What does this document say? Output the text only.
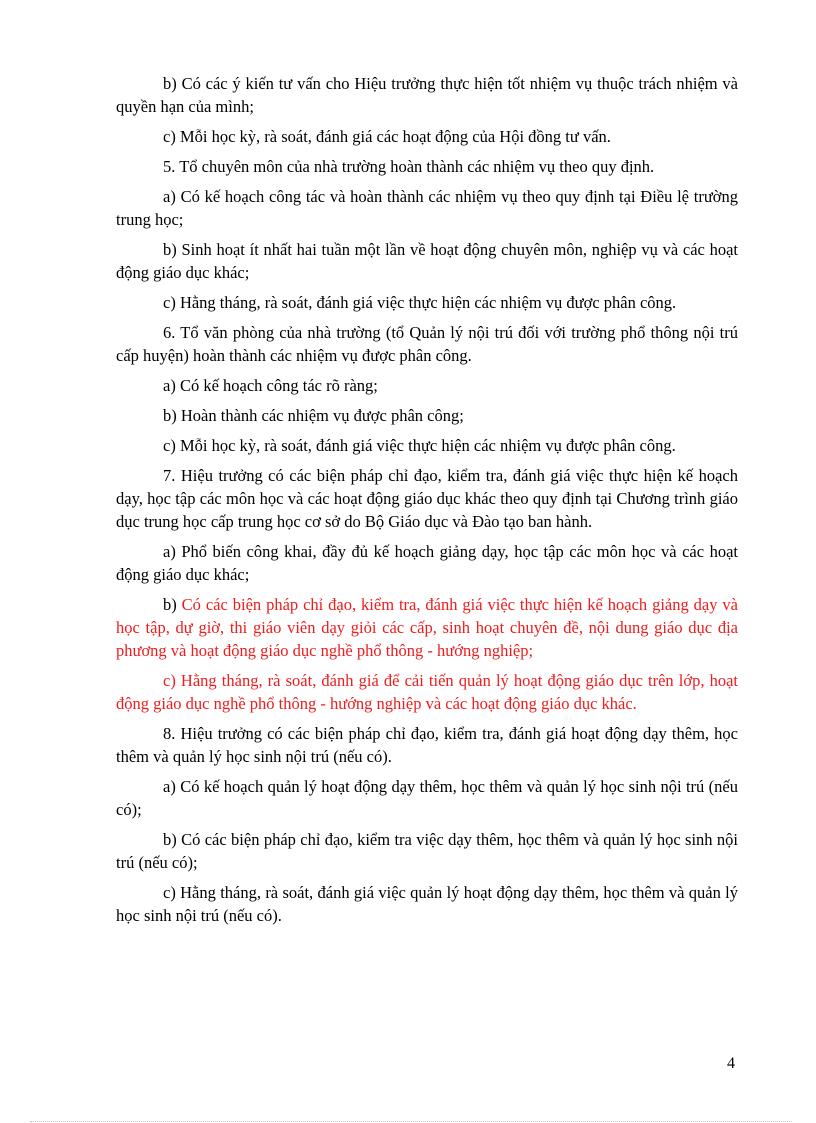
b) Có các ý kiến tư vấn cho Hiệu trưởng thực hiện tốt nhiệm vụ thuộc trách nhiệm và quyền hạn của mình;

c) Mỗi học kỳ, rà soát, đánh giá các hoạt động của Hội đồng tư vấn.

5. Tổ chuyên môn của nhà trường hoàn thành các nhiệm vụ theo quy định.

a) Có kế hoạch công tác và hoàn thành các nhiệm vụ theo quy định tại Điều lệ trường trung học;

b) Sinh hoạt ít nhất hai tuần một lần về hoạt động chuyên môn, nghiệp vụ và các hoạt động giáo dục khác;

c) Hằng tháng, rà soát, đánh giá việc thực hiện các nhiệm vụ được phân công.

6. Tổ văn phòng của nhà trường (tổ Quản lý nội trú đối với trường phổ thông nội trú cấp huyện) hoàn thành các nhiệm vụ được phân công.

a) Có kế hoạch công tác rõ ràng;

b) Hoàn thành các nhiệm vụ được phân công;

c) Mỗi học kỳ, rà soát, đánh giá việc thực hiện các nhiệm vụ được phân công.

7. Hiệu trưởng có các biện pháp chỉ đạo, kiểm tra, đánh giá việc thực hiện kế hoạch dạy, học tập các môn học và các hoạt động giáo dục khác theo quy định tại Chương trình giáo dục trung học cấp trung học cơ sở do Bộ Giáo dục và Đào tạo ban hành.

a) Phổ biến công khai, đầy đủ kế hoạch giảng dạy, học tập các môn học và các hoạt động giáo dục khác;

b) Có các biện pháp chỉ đạo, kiểm tra, đánh giá việc thực hiện kế hoạch giảng dạy và học tập, dự giờ, thi giáo viên dạy giỏi các cấp, sinh hoạt chuyên đề, nội dung giáo dục địa phương và hoạt động giáo dục nghề phổ thông - hướng nghiệp;

c) Hằng tháng, rà soát, đánh giá để cải tiến quản lý hoạt động giáo dục trên lớp, hoạt động giáo dục nghề phổ thông - hướng nghiệp và các hoạt động giáo dục khác.

8. Hiệu trưởng có các biện pháp chỉ đạo, kiểm tra, đánh giá hoạt động dạy thêm, học thêm và quản lý học sinh nội trú (nếu có).

a) Có kế hoạch quản lý hoạt động dạy thêm, học thêm và quản lý học sinh nội trú (nếu có);

b) Có các biện pháp chỉ đạo, kiểm tra việc dạy thêm, học thêm và quản lý học sinh nội trú (nếu có);

c) Hằng tháng, rà soát, đánh giá việc quản lý hoạt động dạy thêm, học thêm và quản lý học sinh nội trú (nếu có).

4
